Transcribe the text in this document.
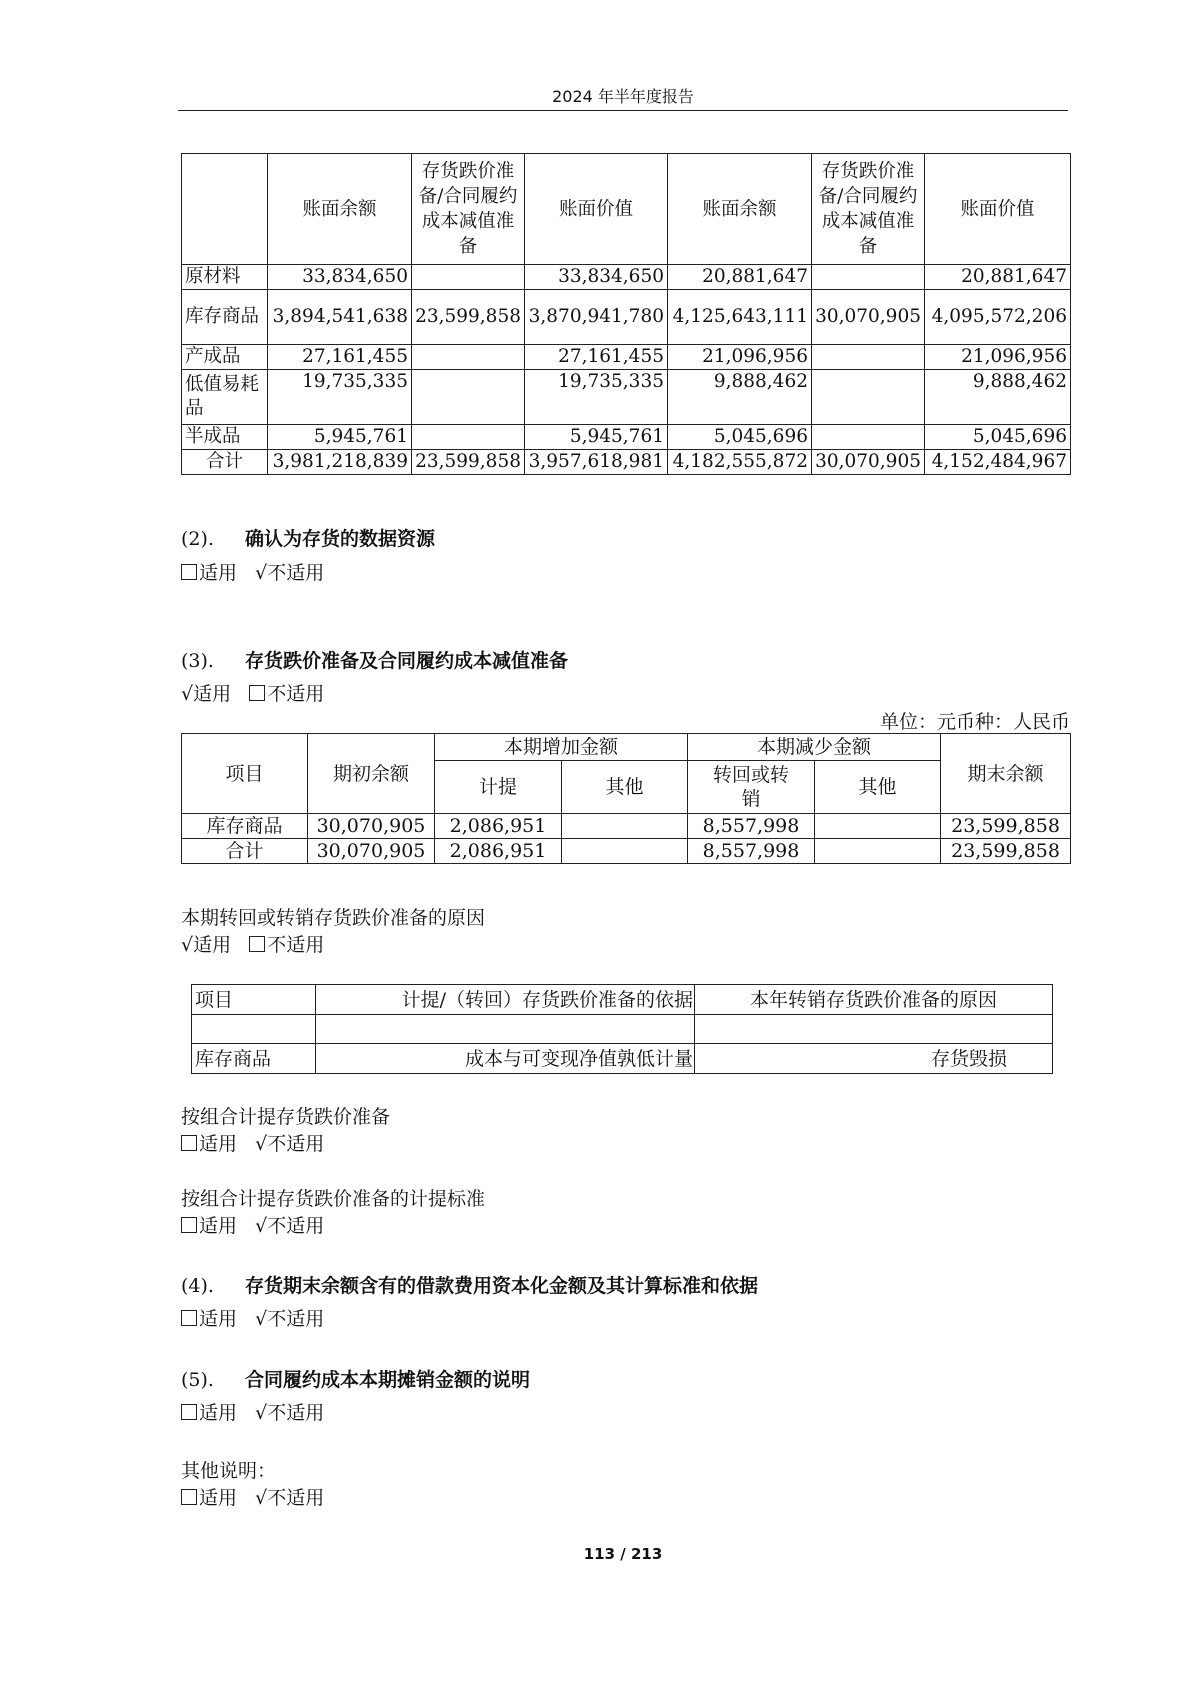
2024 年半年度报告
	账面余额	存货跌价准备/合同履约成本减值准备	账面价值	账面余额	存货跌价准备/合同履约成本减值准备	账面价值
原材料	33,834,650		33,834,650	20,881,647		20,881,647
库存商品	3,894,541,638	23,599,858	3,870,941,780	4,125,643,111	30,070,905	4,095,572,206
产成品	27,161,455		27,161,455	21,096,956		21,096,956
低值易耗品	19,735,335		19,735,335	9,888,462		9,888,462
半成品	5,945,761		5,945,761	5,045,696		5,045,696
合计	3,981,218,839	23,599,858	3,957,618,981	4,182,555,872	30,070,905	4,152,484,967
(2). 确认为存货的数据资源
适用 √不适用
(3). 存货跌价准备及合同履约成本减值准备
√适用 不适用
单位：元币种：人民币
项目	期初余额	本期增加金额		本期减少金额		期末余额
		计提	其他	转回或转销	其他	
库存商品	30,070,905	2,086,951		8,557,998		23,599,858
合计	30,070,905	2,086,951		8,557,998		23,599,858
本期转回或转销存货跌价准备的原因
√适用 不适用
项目	计提/（转回）存货跌价准备的依据	本年转销存货跌价准备的原因

库存商品	成本与可变现净值孰低计量	存货毁损
按组合计提存货跌价准备
适用 √不适用
按组合计提存货跌价准备的计提标准
适用 √不适用
(4). 存货期末余额含有的借款费用资本化金额及其计算标准和依据
适用 √不适用
(5). 合同履约成本本期摊销金额的说明
适用 √不适用
其他说明：
适用 √不适用
113 / 213
